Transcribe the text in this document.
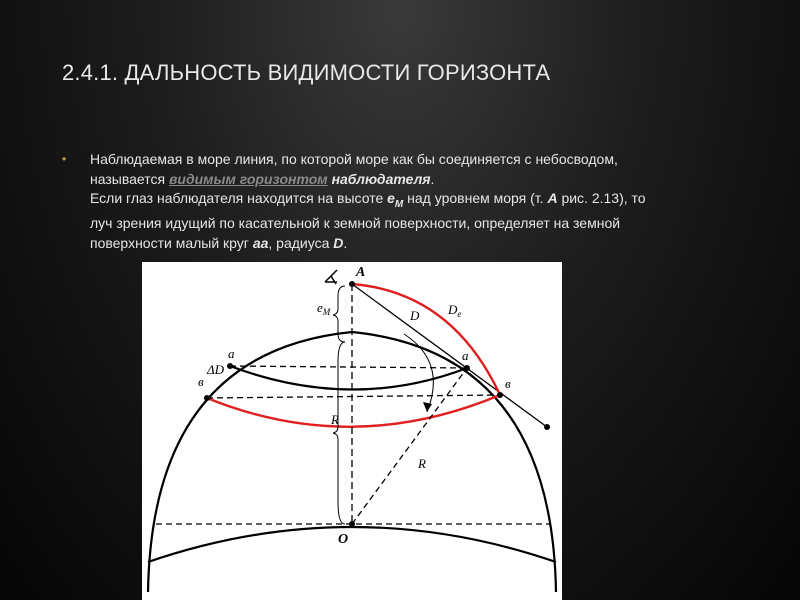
2.4.1. ДАЛЬНОСТЬ ВИДИМОСТИ ГОРИЗОНТА
• Наблюдаемая в море линия, по которой море как бы соединяется с небосводом,
называется видимым горизонтом наблюдателя.
Если глаз наблюдателя находится на высоте $e_M$ над уровнем моря (т. А рис. 2.13), то
луч зрения идущий по касательной к земной поверхности, определяет на земной
поверхности малый круг аа, радиуса D.
A
$e_M$	D $D_e$
a	a
в	в
ΔD
R
R
O
